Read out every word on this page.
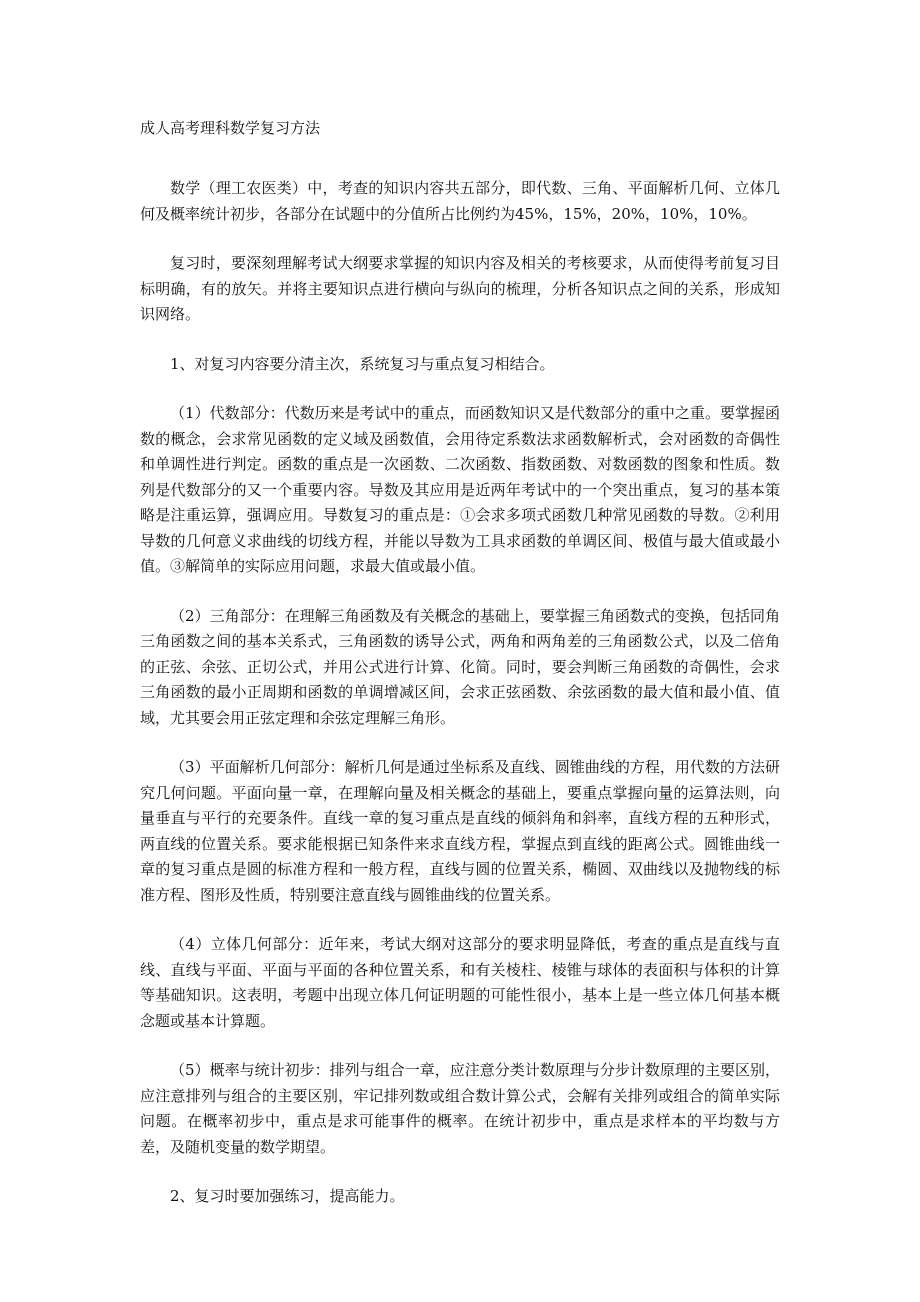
成人高考理科数学复习方法

数学（理工农医类）中，考查的知识内容共五部分，即代数、三角、平面解析几何、立体几何及概率统计初步，各部分在试题中的分值所占比例约为45%，15%，20%，10%，10%。

复习时，要深刻理解考试大纲要求掌握的知识内容及相关的考核要求，从而使得考前复习目标明确，有的放矢。并将主要知识点进行横向与纵向的梳理，分析各知识点之间的关系，形成知识网络。

1、对复习内容要分清主次，系统复习与重点复习相结合。

（1）代数部分：代数历来是考试中的重点，而函数知识又是代数部分的重中之重。要掌握函数的概念，会求常见函数的定义域及函数值，会用待定系数法求函数解析式，会对函数的奇偶性和单调性进行判定。函数的重点是一次函数、二次函数、指数函数、对数函数的图象和性质。数列是代数部分的又一个重要内容。导数及其应用是近两年考试中的一个突出重点，复习的基本策略是注重运算，强调应用。导数复习的重点是：①会求多项式函数几种常见函数的导数。②利用导数的几何意义求曲线的切线方程，并能以导数为工具求函数的单调区间、极值与最大值或最小值。③解简单的实际应用问题，求最大值或最小值。

（2）三角部分：在理解三角函数及有关概念的基础上，要掌握三角函数式的变换，包括同角三角函数之间的基本关系式，三角函数的诱导公式，两角和两角差的三角函数公式，以及二倍角的正弦、余弦、正切公式，并用公式进行计算、化简。同时，要会判断三角函数的奇偶性，会求三角函数的最小正周期和函数的单调增减区间，会求正弦函数、余弦函数的最大值和最小值、值域，尤其要会用正弦定理和余弦定理解三角形。

（3）平面解析几何部分：解析几何是通过坐标系及直线、圆锥曲线的方程，用代数的方法研究几何问题。平面向量一章，在理解向量及相关概念的基础上，要重点掌握向量的运算法则，向量垂直与平行的充要条件。直线一章的复习重点是直线的倾斜角和斜率，直线方程的五种形式，两直线的位置关系。要求能根据已知条件来求直线方程，掌握点到直线的距离公式。圆锥曲线一章的复习重点是圆的标准方程和一般方程，直线与圆的位置关系，椭圆、双曲线以及抛物线的标准方程、图形及性质，特别要注意直线与圆锥曲线的位置关系。

（4）立体几何部分：近年来，考试大纲对这部分的要求明显降低，考查的重点是直线与直线、直线与平面、平面与平面的各种位置关系，和有关棱柱、棱锥与球体的表面积与体积的计算等基础知识。这表明，考题中出现立体几何证明题的可能性很小，基本上是一些立体几何基本概念题或基本计算题。

（5）概率与统计初步：排列与组合一章，应注意分类计数原理与分步计数原理的主要区别，应注意排列与组合的主要区别，牢记排列数或组合数计算公式，会解有关排列或组合的简单实际问题。在概率初步中，重点是求可能事件的概率。在统计初步中，重点是求样本的平均数与方差，及随机变量的数学期望。

2、复习时要加强练习，提高能力。
